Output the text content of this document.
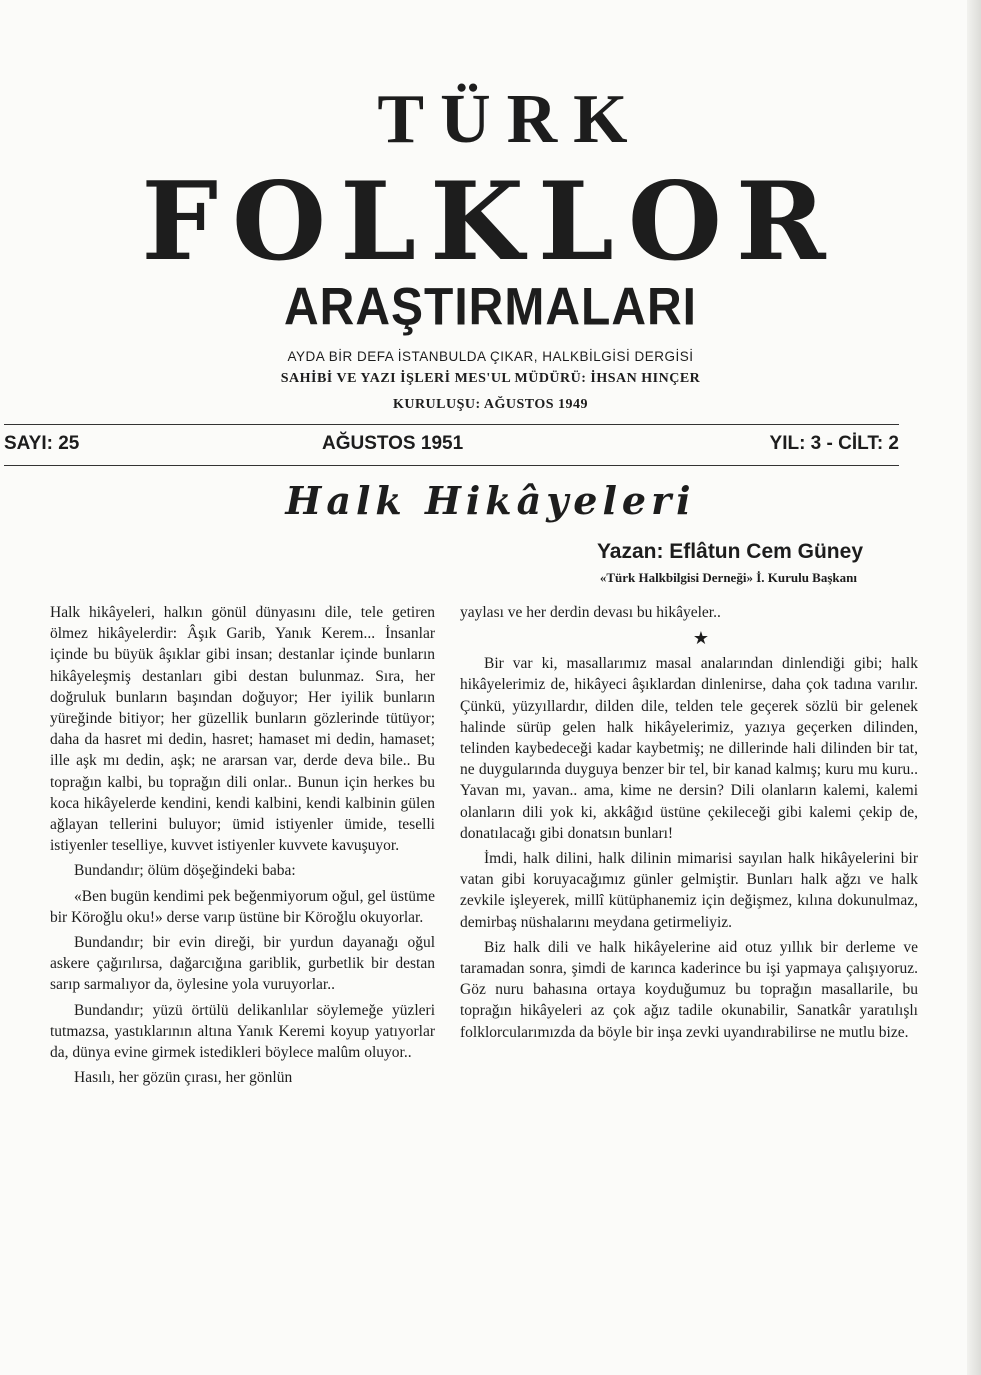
TÜRK
FOLKLOR
ARAŞTIRMALARI
AYDA BİR DEFA İSTANBULDA ÇIKAR, HALKBİLGİSİ DERGİSİ
SAHİBİ VE YAZI İŞLERİ MES'UL MÜDÜRÜ: İHSAN HINÇER
KURULUŞU: AĞUSTOS 1949
SAYI: 25	AĞUSTOS 1951	YIL: 3 - CİLT: 2
Halk Hikâyeleri
Yazan: Eflâtun Cem Güney
«Türk Halkbilgisi Derneği» İ. Kurulu Başkanı

Halk hikâyeleri, halkın gönül dünyasını dile, tele getiren ölmez hikâyelerdir: Âşık Garib, Yanık Kerem... İnsanlar içinde bu büyük âşıklar gibi insan; destanlar içinde bunların hikâyeleşmiş destanları gibi destan bulunmaz. Sıra, her doğruluk bunların başından doğuyor; Her iyilik bunların yüreğinde bitiyor; her güzellik bunların gözlerinde tütüyor; daha da hasret mi dedin, hasret; hamaset mi dedin, hamaset; ille aşk mı dedin, aşk; ne ararsan var, derde deva bile.. Bu toprağın kalbi, bu toprağın dili onlar.. Bunun için herkes bu koca hikâyelerde kendini, kendi kalbini, kendi kalbinin gülen ağlayan tellerini buluyor; ümid istiyenler ümide, teselli istiyenler teselliye, kuvvet istiyenler kuvvete kavuşuyor.

Bundandır; ölüm döşeğindeki baba:

«Ben bugün kendimi pek beğenmiyorum oğul, gel üstüme bir Köroğlu oku!» derse varıp üstüne bir Köroğlu okuyorlar.

Bundandır; bir evin direği, bir yurdun dayanağı oğul askere çağırılırsa, dağarcığına gariblik, gurbetlik bir destan sarıp sarmalıyor da, öylesine yola vuruyorlar..

Bundandır; yüzü örtülü delikanlılar söylemeğe yüzleri tutmazsa, yastıklarının altına Yanık Keremi koyup yatıyorlar da, dünya evine girmek istedikleri böylece malûm oluyor..

Hasılı, her gözün çırası, her gönlün

yaylası ve her derdin devası bu hikâyeler..

★

Bir var ki, masallarımız masal analarından dinlendiği gibi; halk hikâyelerimiz de, hikâyeci âşıklardan dinlenirse, daha çok tadına varılır. Çünkü, yüzyıllardır, dilden dile, telden tele geçerek sözlü bir gelenek halinde sürüp gelen halk hikâyelerimiz, yazıya geçerken dilinden, telinden kaybedeceği kadar kaybetmiş; ne dillerinde hali dilinden bir tat, ne duygularında duyguya benzer bir tel, bir kanad kalmış; kuru mu kuru.. Yavan mı, yavan.. ama, kime ne dersin? Dili olanların kalemi, kalemi olanların dili yok ki, akkâğıd üstüne çekileceği gibi kalemi çekip de, donatılacağı gibi donatsın bunları!

İmdi, halk dilini, halk dilinin mimarisi sayılan halk hikâyelerini bir vatan gibi koruyacağımız günler gelmiştir. Bunları halk ağzı ve halk zevkile işleyerek, millî kütüphanemiz için değişmez, kılına dokunulmaz, demirbaş nüshalarını meydana getirmeliyiz.

Biz halk dili ve halk hikâyelerine aid otuz yıllık bir derleme ve taramadan sonra, şimdi de karınca kaderince bu işi yapmaya çalışıyoruz. Göz nuru bahasına ortaya koyduğumuz bu toprağın masallarile, bu toprağın hikâyeleri az çok ağız tadile okunabilir, Sanatkâr yaratılışlı folklorcularımızda da böyle bir inşa zevki uyandırabilirse ne mutlu bize.
